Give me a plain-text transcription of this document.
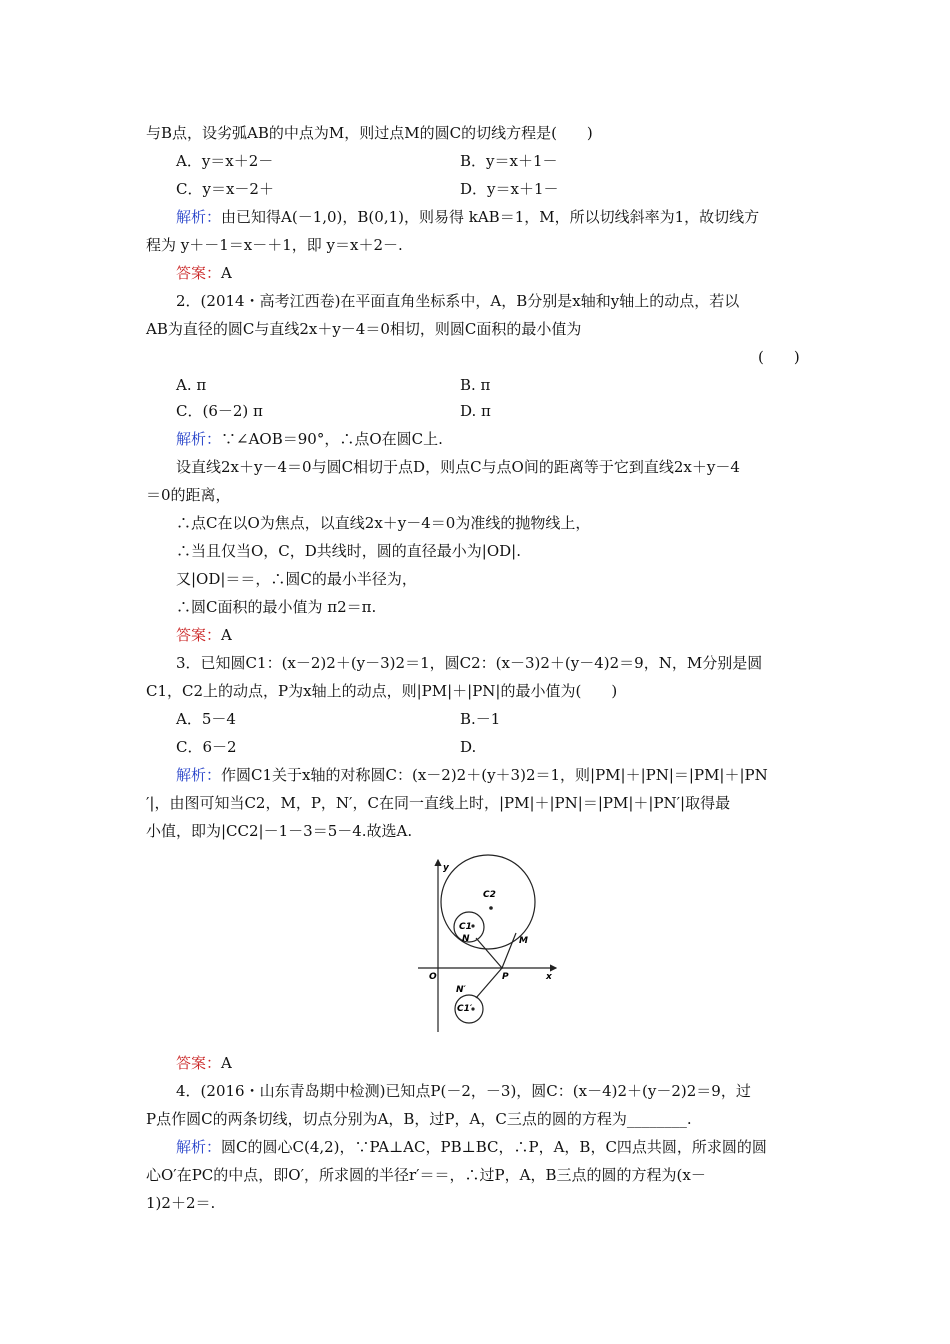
与B点，设劣弧AB的中点为M，则过点M的圆C的切线方程是(　　)
A．y＝x＋2－	B．y＝x＋1－
C．y＝x－2＋	D．y＝x＋1－
解析：由已知得A(－1,0)，B(0,1)，则易得 kAB＝1，M，所以切线斜率为1，故切线方
程为 y＋－1＝x－＋1，即 y＝x＋2－.
答案：A
2．(2014・高考江西卷)在平面直角坐标系中，A，B分别是x轴和y轴上的动点，若以
AB为直径的圆C与直线2x＋y－4＝0相切，则圆C面积的最小值为
(　　)
A. π	B. π
C．(6－2) π	D. π
解析：∵∠AOB＝90°，∴点O在圆C上.
设直线2x＋y－4＝0与圆C相切于点D，则点C与点O间的距离等于它到直线2x＋y－4
＝0的距离，
∴点C在以O为焦点，以直线2x＋y－4＝0为准线的抛物线上，
∴当且仅当O，C，D共线时，圆的直径最小为|OD|.
又|OD|＝＝，∴圆C的最小半径为，
∴圆C面积的最小值为 π2＝π.
答案：A
3．已知圆C1：(x－2)2＋(y－3)2＝1，圆C2：(x－3)2＋(y－4)2＝9，N，M分别是圆
C1，C2上的动点，P为x轴上的动点，则|PM|＋|PN|的最小值为(　　)
A．5－4	B.－1
C．6－2	D.
解析：作圆C1关于x轴的对称圆C：(x－2)2＋(y＋3)2＝1，则|PM|＋|PN|＝|PM|＋|PN
′|，由图可知当C2，M，P，N′，C在同一直线上时，|PM|＋|PN|＝|PM|＋|PN′|取得最
小值，即为|CC2|－1－3＝5－4.故选A.
y
C2
C1
N	M
O	P	x
N′
C1′
答案：A
4．(2016・山东青岛期中检测)已知点P(－2，－3)，圆C：(x－4)2＋(y－2)2＝9，过
P点作圆C的两条切线，切点分别为A，B，过P，A，C三点的圆的方程为________.
解析：圆C的圆心C(4,2)，∵PA⊥AC，PB⊥BC，∴P，A，B，C四点共圆，所求圆的圆
心O′在PC的中点，即O′，所求圆的半径r′＝＝，∴过P，A，B三点的圆的方程为(x－
1)2＋2＝.
